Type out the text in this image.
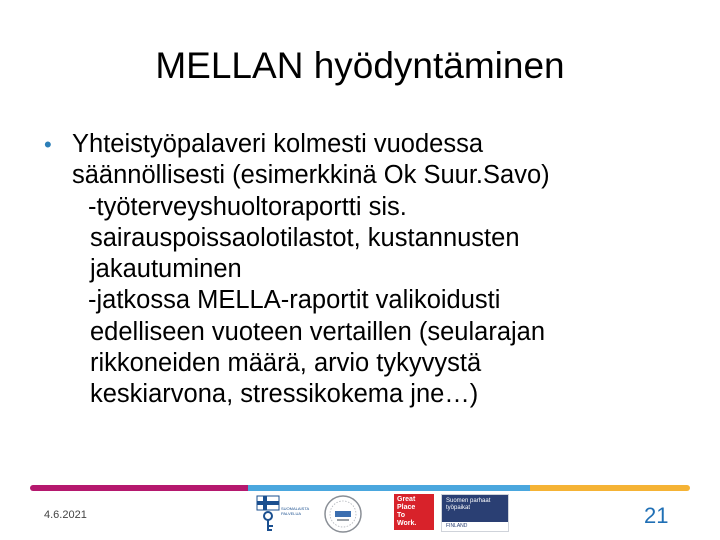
MELLAN hyödyntäminen
• Yhteistyöpalaveri kolmesti vuodessa
säännöllisesti (esimerkkinä Ok Suur.Savo)
-työterveyshuoltoraportti sis.
sairauspoissaolotilastot, kustannusten
jakautuminen
-jatkossa MELLA-raportit valikoidusti
edelliseen vuoteen vertaillen (seularajan
rikkoneiden määrä, arvio tykyvystä
keskiarvona, stressikokema jne…)
4.6.2021
SUOMALAISTA PALVELUA
Great
Place
To
Work.
Suomen parhaat työpaikat
FINLAND	21
